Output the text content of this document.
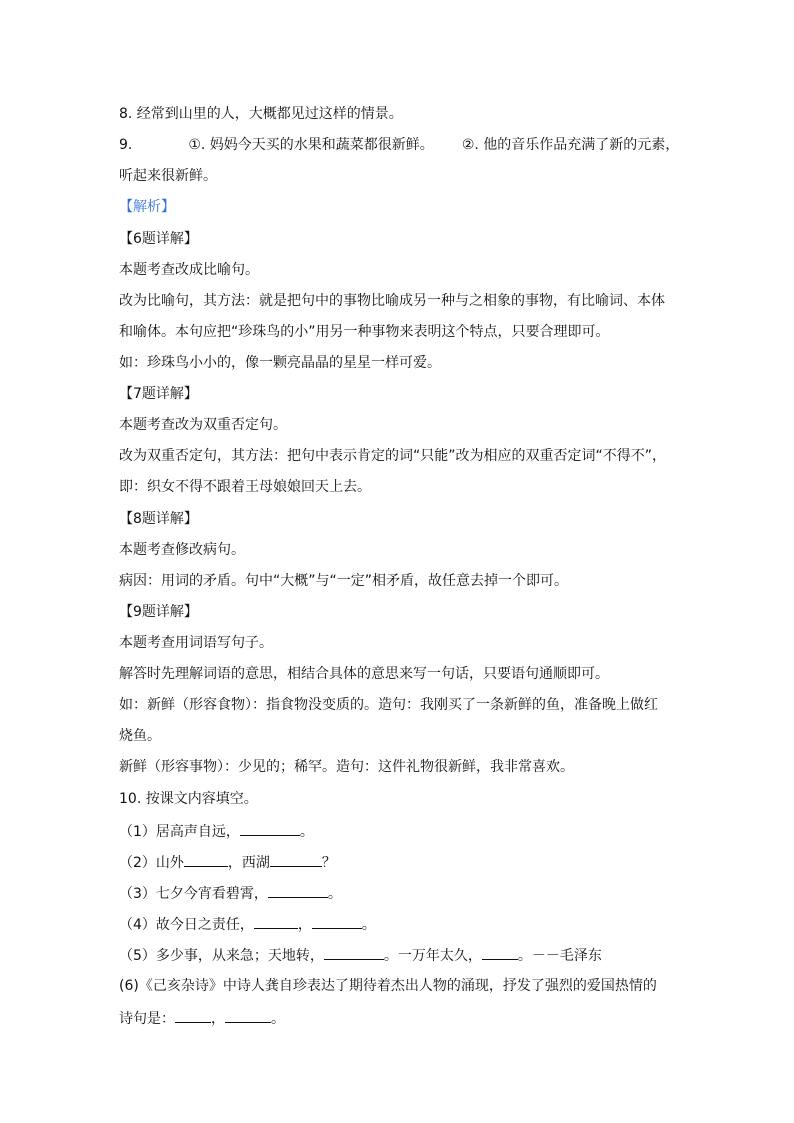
8. 经常到山里的人，大概都见过这样的情景。
9.	①. 妈妈今天买的水果和蔬菜都很新鲜。 ②. 他的音乐作品充满了新的元素，
听起来很新鲜。
【解析】
【6题详解】
本题考查改成比喻句。
改为比喻句，其方法：就是把句中的事物比喻成另一种与之相象的事物，有比喻词、本体
和喻体。本句应把“珍珠鸟的小”用另一种事物来表明这个特点，只要合理即可。
如：珍珠鸟小小的，像一颗亮晶晶的星星一样可爱。
【7题详解】
本题考查改为双重否定句。
改为双重否定句，其方法：把句中表示肯定的词“只能”改为相应的双重否定词“不得不”，
即：织女不得不跟着王母娘娘回天上去。
【8题详解】
本题考查修改病句。
病因：用词的矛盾。句中“大概”与“一定”相矛盾，故任意去掉一个即可。
【9题详解】
本题考查用词语写句子。
解答时先理解词语的意思，相结合具体的意思来写一句话，只要语句通顺即可。
如：新鲜（形容食物）：指食物没变质的。造句：我刚买了一条新鲜的鱼，准备晚上做红
烧鱼。
新鲜（形容事物）：少见的；稀罕。造句：这件礼物很新鲜，我非常喜欢。
10. 按课文内容填空。
（1）居高声自远，	。
（2）山外	，西湖	？
（3）七夕今宵看碧霄，	。
（4）故今日之责任，	，	。
（5）多少事，从来急；天地转，	。一万年太久，	。－－毛泽东
(6)《己亥杂诗》中诗人龚自珍表达了期待着杰出人物的涌现，抒发了强烈的爱国热情的
诗句是：	，	。
